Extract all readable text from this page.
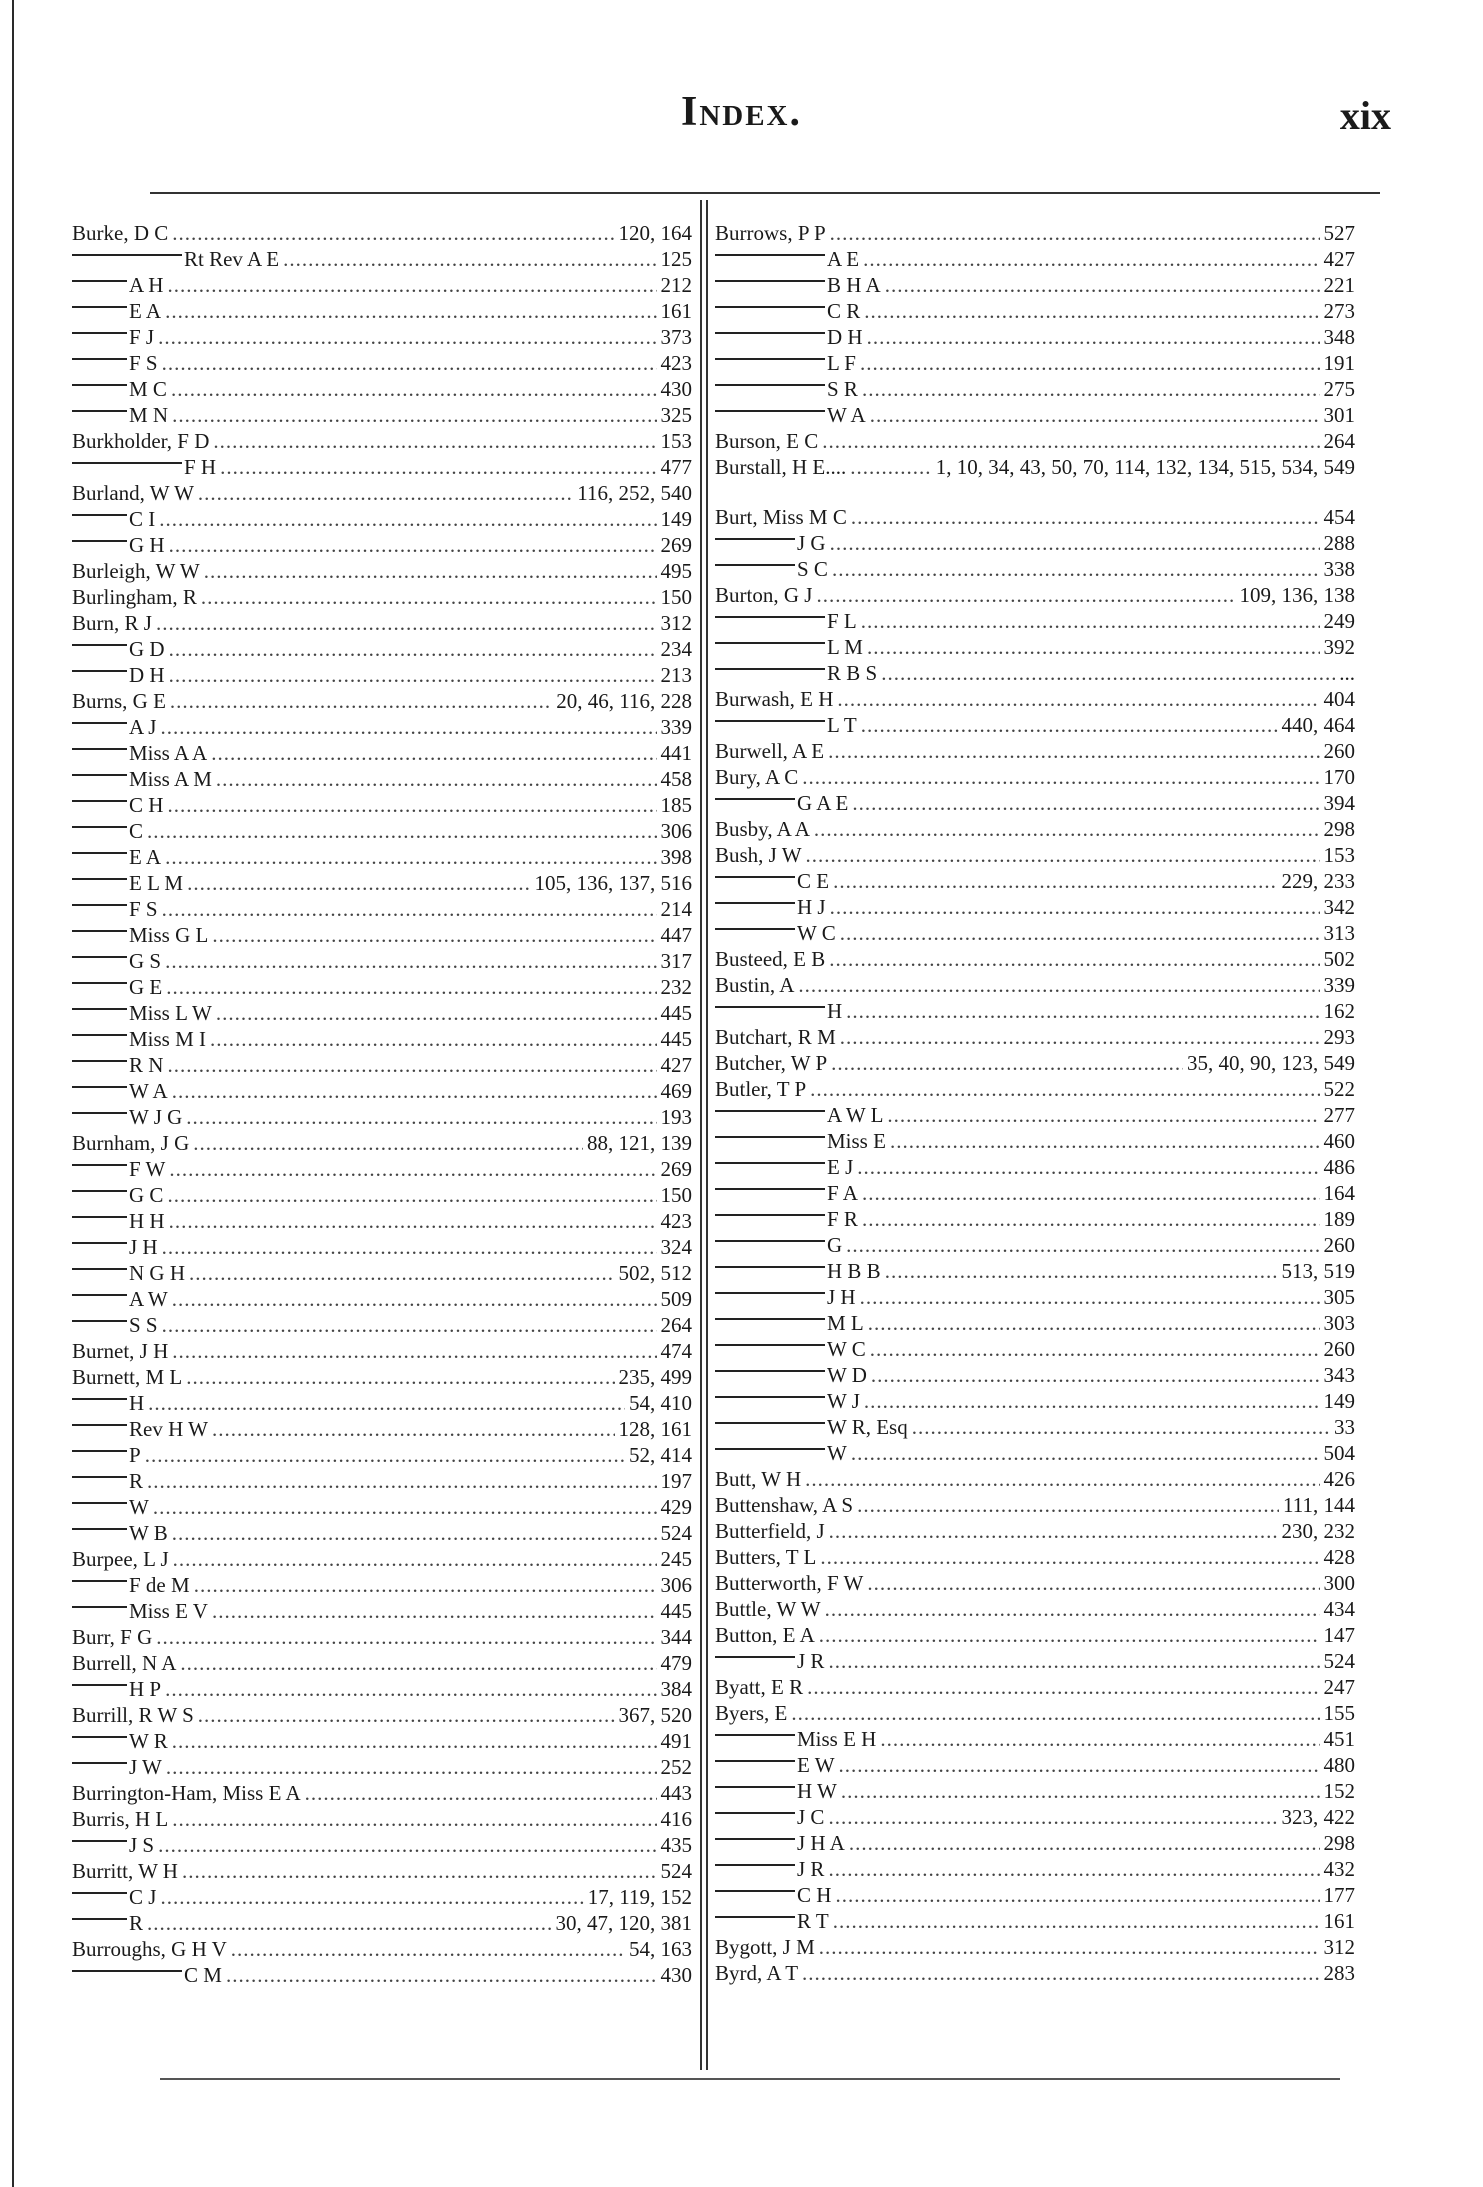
Index.	xix
Burke, D C .....	120, 164
Rt Rev A E .....	125
A H .....	212
E A .....	161
F J .....	373
F S .....	423
M C .....	430
M N .....	325
Burkholder, F D .....	153
F H .....	477
Burland, W W .....	116, 252, 540
C I .....	149
G H .....	269
Burleigh, W W .....	495
Burlingham, R .....	150
Burn, R J .....	312
G D .....	234
D H .....	213
Burns, G E .....	20, 46, 116, 228
A J .....	339
Miss A A .....	441
Miss A M .....	458
C H .....	185
C .....	306
E A .....	398
E L M .....	105, 136, 137, 516
F S .....	214
Miss G L .....	447
G S .....	317
G E .....	232
Miss L W .....	445
Miss M I .....	445
R N .....	427
W A .....	469
W J G .....	193
Burnham, J G .....	88, 121, 139
F W .....	269
G C .....	150
H H .....	423
J H .....	324
N G H .....	502, 512
A W .....	509
S S .....	264
Burnet, J H .....	474
Burnett, M L .....	235, 499
H .....	54, 410
Rev H W .....	128, 161
P .....	52, 414
R .....	197
W .....	429
W B .....	524
Burpee, L J .....	245
F de M .....	306
Miss E V .....	445
Burr, F G .....	344
Burrell, N A .....	479
H P .....	384
Burrill, R W S .....	367, 520
W R .....	491
J W .....	252
Burrington-Ham, Miss E A .....	443
Burris, H L .....	416
J S .....	435
Burritt, W H .....	524
C J .....	17, 119, 152
R .....	30, 47, 120, 381
Burroughs, G H V .....	54, 163
C M .....	430
Burrows, P P .....	527
A E .....	427
B H A .....	221
C R .....	273
D H .....	348
L F .....	191
S R .....	275
W A .....	301
Burson, E C .....	264
Burstall, H E.... .....	1, 10, 34, 43, 50, 70, 114, 132, 134, 515, 534, 549
Burt, Miss M C .....	454
J G .....	288
S C .....	338
Burton, G J .....	109, 136, 138
F L .....	249
L M .....	392
R B S .....	...
Burwash, E H .....	404
L T .....	440, 464
Burwell, A E .....	260
Bury, A C .....	170
G A E .....	394
Busby, A A .....	298
Bush, J W .....	153
C E .....	229, 233
H J .....	342
W C .....	313
Busteed, E B .....	502
Bustin, A .....	339
H .....	162
Butchart, R M .....	293
Butcher, W P .....	35, 40, 90, 123, 549
Butler, T P .....	522
A W L .....	277
Miss E .....	460
E J .....	486
F A .....	164
F R .....	189
G .....	260
H B B .....	513, 519
J H .....	305
M L .....	303
W C .....	260
W D .....	343
W J .....	149
W R, Esq .....	33
W .....	504
Butt, W H .....	426
Buttenshaw, A S .....	111, 144
Butterfield, J .....	230, 232
Butters, T L .....	428
Butterworth, F W .....	300
Buttle, W W .....	434
Button, E A .....	147
J R .....	524
Byatt, E R .....	247
Byers, E .....	155
Miss E H .....	451
E W .....	480
H W .....	152
J C .....	323, 422
J H A .....	298
J R .....	432
C H .....	177
R T .....	161
Bygott, J M .....	312
Byrd, A T .....	283
